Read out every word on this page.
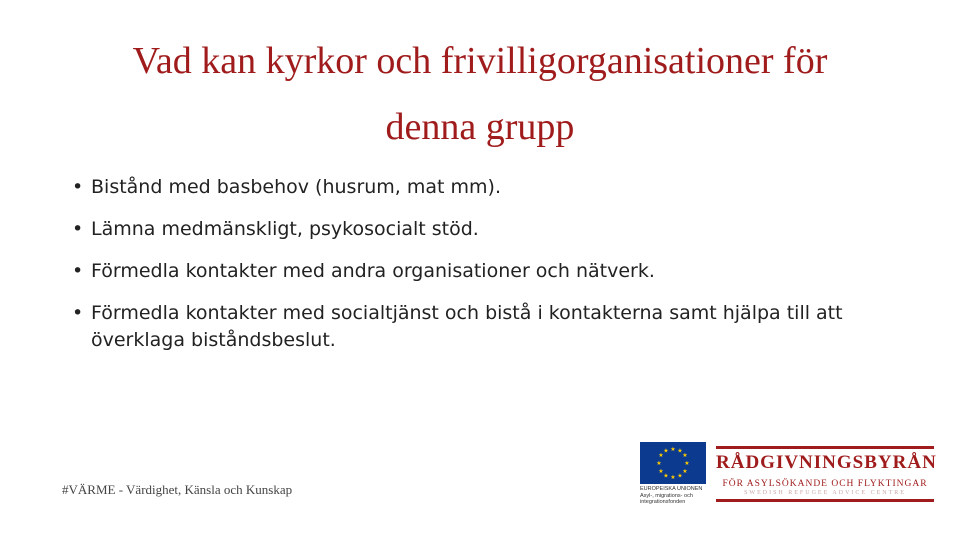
Vad kan kyrkor och frivilligorganisationer för
denna grupp
• Bistånd med basbehov (husrum, mat mm).
• Lämna medmänskligt, psykosocialt stöd.
• Förmedla kontakter med andra organisationer och nätverk.
• Förmedla kontakter med socialtjänst och bistå i kontakterna samt hjälpa till att överklaga biståndsbeslut.
#VÄRME - Värdighet, Känsla och Kunskap
★ ★
★
★
★
★
★
★
★
★
★
★
EUROPEISKA UNIONEN
Asyl-, migrations- och
integrationsfonden
RÅDGIVNINGSBYRÅN
FÖR ASYLSÖKANDE OCH FLYKTINGAR
SWEDISH REFUGEE ADVICE CENTRE
